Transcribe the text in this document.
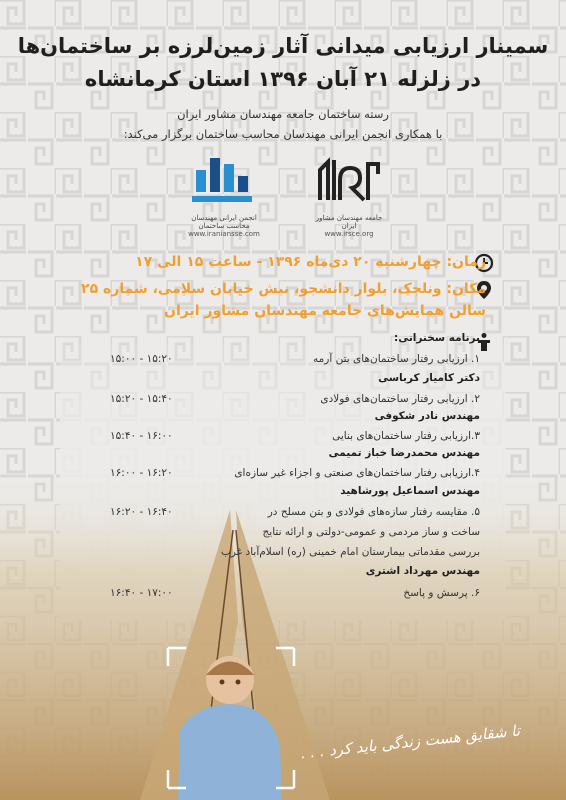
سمینار ارزیابی میدانی آثار زمین‌لرزه بر ساختمان‌ها
در زلزله ۲۱ آبان ۱۳۹۶ استان کرمانشاه
رسته ساختمان جامعه مهندسان مشاور ایران
با همکاری انجمن ایرانی مهندسان محاسب ساختمان برگزار می‌کند:
جامعه مهندسان مشاور ایران
www.irsce.org
انجمن ایرانی مهندسان محاسب ساختمان
www.iraniansse.com
زمان: چهارشنبه ۲۰ دی‌ماه ۱۳۹۶ - ساعت ۱۵ الی ۱۷
مکان: ونلجک، بلوار دانشجو، نبش خیابان سلامی، شماره ۲۵
سالن همایش‌های جامعه مهندسان مشاور ایران
برنامه سخنرانی:
۱. ارزیابی رفتار ساختمان‌های بتن آرمه
۱۵:۲۰ - ۱۵:۰۰
دکتر کامیار کرباسی
۲. ارزیابی رفتار ساختمان‌های فولادی
۱۵:۴۰ - ۱۵:۲۰
مهندس نادر شکوفی
۳.ارزیابی رفتار ساختمان‌های بنایی
۱۶:۰۰ - ۱۵:۴۰
مهندس محمدرضا خباز تمیمی
۴.ارزیابی رفتار ساختمان‌های صنعتی و اجزاء غیر سازه‌ای
۱۶:۲۰ - ۱۶:۰۰
مهندس اسماعیل پورشاهید
۵. مقایسه رفتار سازه‌های فولادی و بتن مسلح در
۱۶:۴۰ - ۱۶:۲۰
ساخت و ساز مردمی و عمومی-دولتی و ارائه نتایج
بررسی مقدماتی بیمارستان امام خمینی (ره) اسلام‌آباد غرب
مهندس مهرداد اشتری
۶. پرسش و پاسخ
۱۷:۰۰ - ۱۶:۴۰
تا شقایق هست زندگی باید کرد . . .
